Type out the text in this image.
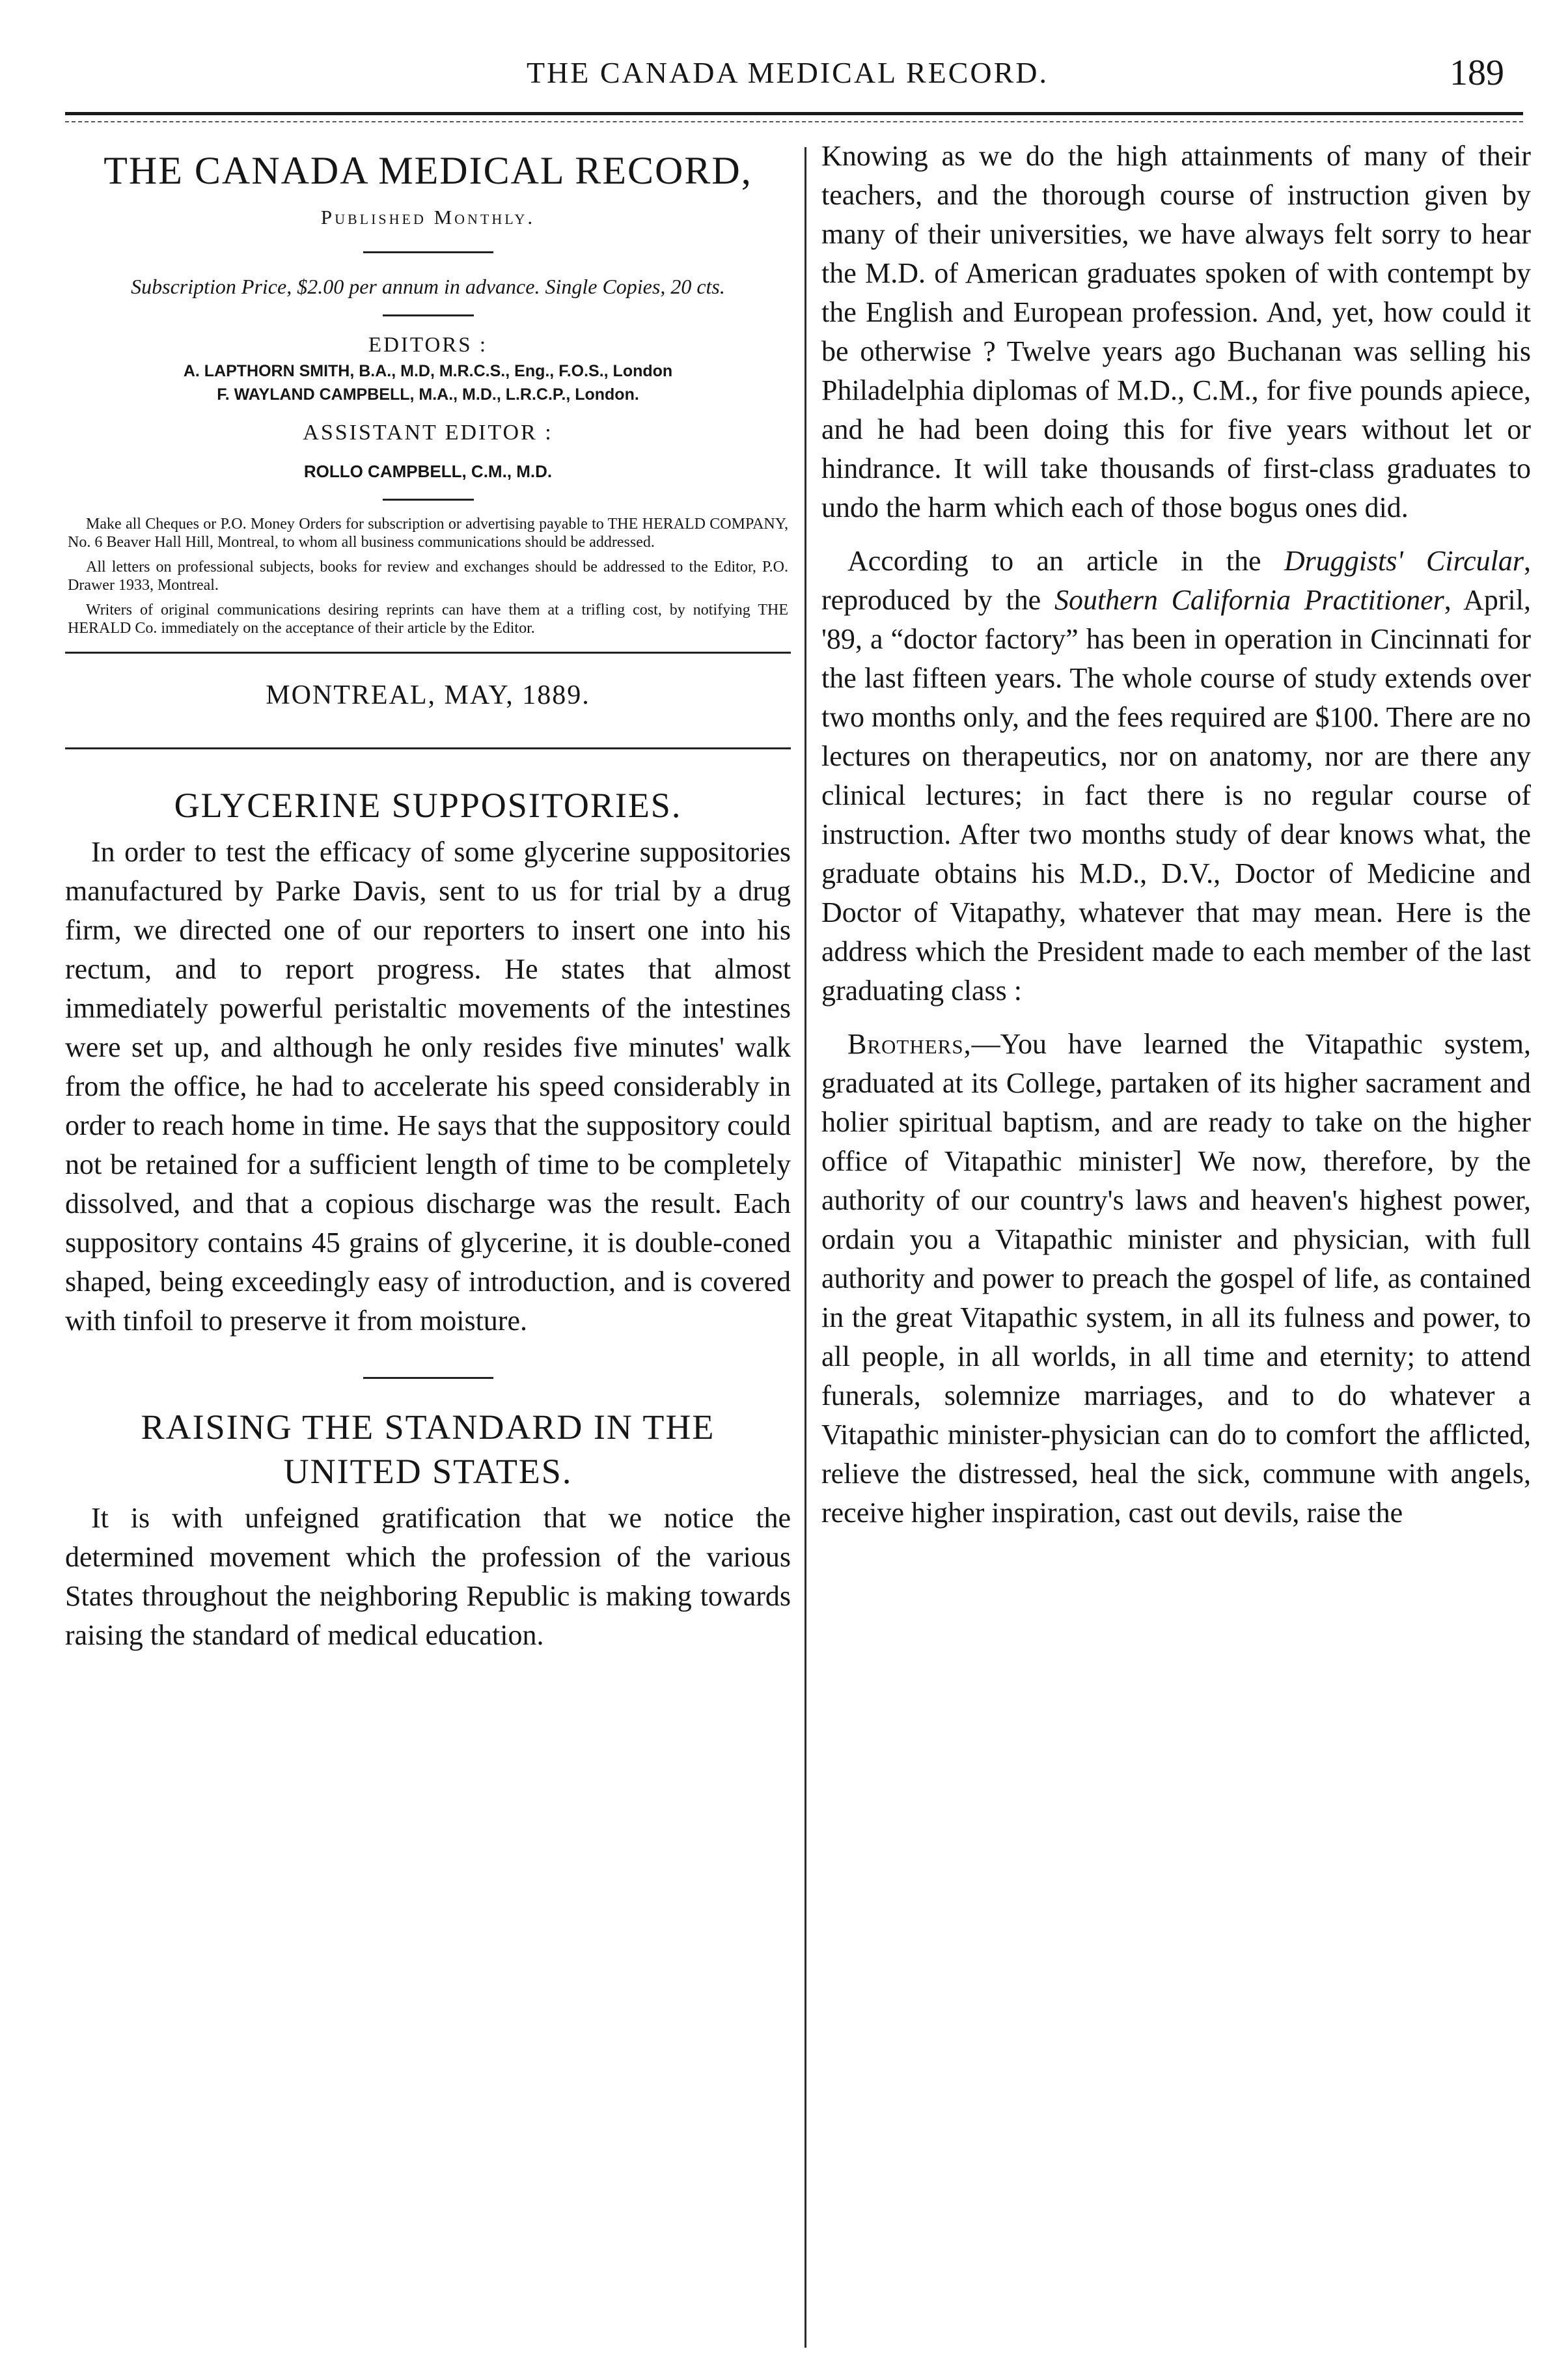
THE CANADA MEDICAL RECORD.	189
THE CANADA MEDICAL RECORD,
Published Monthly.
Subscription Price, $2.00 per annum in advance. Single Copies, 20 cts.
EDITORS :
A. LAPTHORN SMITH, B.A., M.D, M.R.C.S., Eng., F.O.S., London
F. WAYLAND CAMPBELL, M.A., M.D., L.R.C.P., London.
ASSISTANT EDITOR :
ROLLO CAMPBELL, C.M., M.D.

Make all Cheques or P.O. Money Orders for subscription or advertising payable to THE HERALD COMPANY, No. 6 Beaver Hall Hill, Montreal, to whom all business communications should be addressed.

All letters on professional subjects, books for review and exchanges should be addressed to the Editor, P.O. Drawer 1933, Montreal.

Writers of original communications desiring reprints can have them at a trifling cost, by notifying THE HERALD Co. immediately on the acceptance of their article by the Editor.

MONTREAL, MAY, 1889.
GLYCERINE SUPPOSITORIES.

In order to test the efficacy of some glycerine suppositories manufactured by Parke Davis, sent to us for trial by a drug firm, we directed one of our reporters to insert one into his rectum, and to report progress. He states that almost immediately powerful peristaltic movements of the intestines were set up, and although he only resides five minutes' walk from the office, he had to accelerate his speed considerably in order to reach home in time. He says that the suppository could not be retained for a sufficient length of time to be completely dissolved, and that a copious discharge was the result. Each suppository contains 45 grains of glycerine, it is double-coned shaped, being exceedingly easy of introduction, and is covered with tinfoil to preserve it from moisture.

RAISING THE STANDARD IN THE
UNITED STATES.

It is with unfeigned gratification that we notice the determined movement which the profession of the various States throughout the neighboring Republic is making towards raising the standard of medical education.

Knowing as we do the high attainments of many of their teachers, and the thorough course of instruction given by many of their universities, we have always felt sorry to hear the M.D. of American graduates spoken of with contempt by the English and European profession. And, yet, how could it be otherwise ? Twelve years ago Buchanan was selling his Philadelphia diplomas of M.D., C.M., for five pounds apiece, and he had been doing this for five years without let or hindrance. It will take thousands of first-class graduates to undo the harm which each of those bogus ones did.

According to an article in the Druggists' Circular, reproduced by the Southern California Practitioner, April, '89, a “doctor factory” has been in operation in Cincinnati for the last fifteen years. The whole course of study extends over two months only, and the fees required are $100. There are no lectures on therapeutics, nor on anatomy, nor are there any clinical lectures; in fact there is no regular course of instruction. After two months study of dear knows what, the graduate obtains his M.D., D.V., Doctor of Medicine and Doctor of Vitapathy, whatever that may mean. Here is the address which the President made to each member of the last graduating class :

Brothers,—You have learned the Vitapathic system, graduated at its College, partaken of its higher sacrament and holier spiritual baptism, and are ready to take on the higher office of Vitapathic minister] We now, therefore, by the authority of our country's laws and heaven's highest power, ordain you a Vitapathic minister and physician, with full authority and power to preach the gospel of life, as contained in the great Vitapathic system, in all its fulness and power, to all people, in all worlds, in all time and eternity; to attend funerals, solemnize marriages, and to do whatever a Vitapathic minister-physician can do to comfort the afflicted, relieve the distressed, heal the sick, commune with angels, receive higher inspiration, cast out devils, raise the
